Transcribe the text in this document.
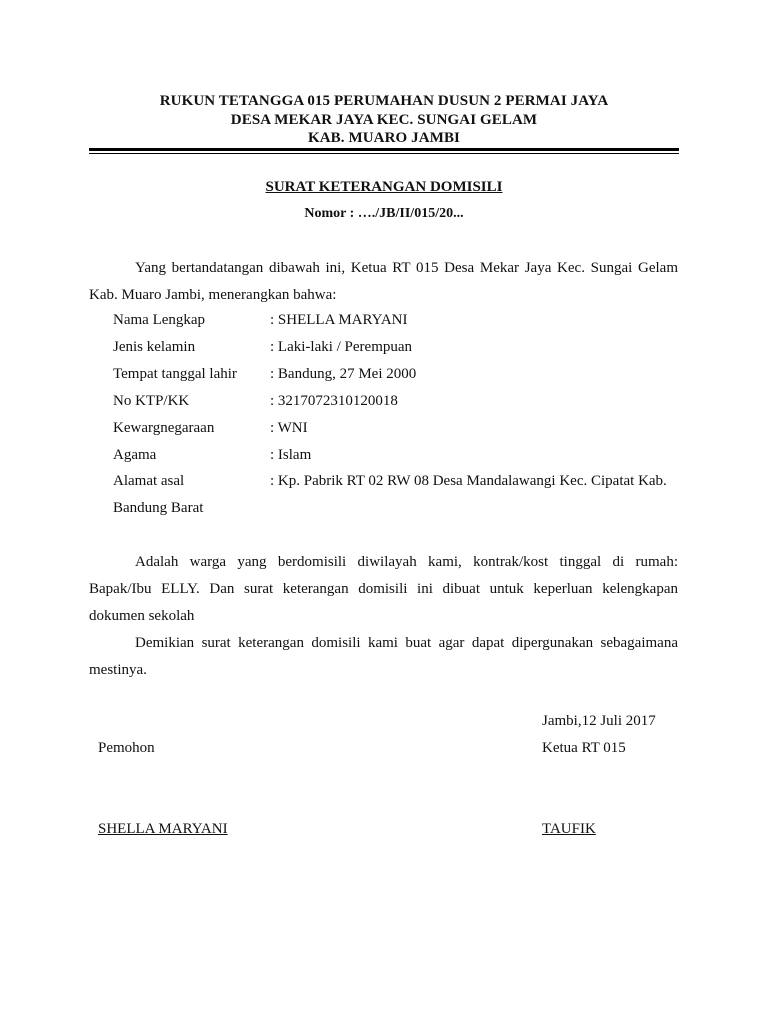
RUKUN TETANGGA 015 PERUMAHAN DUSUN 2 PERMAI JAYA
DESA MEKAR JAYA KEC. SUNGAI GELAM
KAB. MUARO JAMBI
SURAT KETERANGAN DOMISILI
Nomor : …./JB/II/015/20...
Yang bertandatangan dibawah ini, Ketua RT 015 Desa Mekar Jaya Kec. Sungai Gelam
Kab. Muaro Jambi, menerangkan bahwa:
Nama Lengkap	: SHELLA MARYANI
Jenis kelamin	: Laki-laki / Perempuan
Tempat tanggal lahir : Bandung, 27 Mei 2000
No KTP/KK	: 3217072310120018
Kewargnegaraan	: WNI
Agama	: Islam
Alamat asal	: Kp. Pabrik RT 02 RW 08 Desa Mandalawangi Kec. Cipatat Kab.
Bandung Barat
Adalah warga yang berdomisili diwilayah kami, kontrak/kost tinggal di rumah:
Bapak/Ibu ELLY. Dan surat keterangan domisili ini dibuat untuk keperluan kelengkapan
dokumen sekolah
Demikian surat keterangan domisili kami buat agar dapat dipergunakan sebagaimana
mestinya.
Jambi,12 Juli 2017
Pemohon	Ketua RT 015
SHELLA MARYANI	TAUFIK
